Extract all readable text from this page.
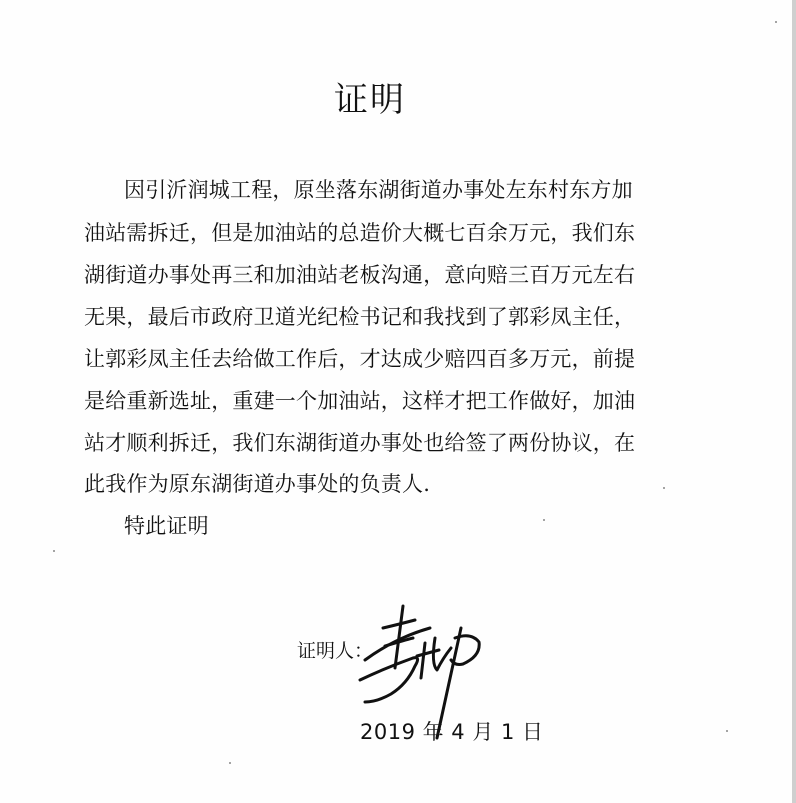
证明
因引沂润城工程，原坐落东湖街道办事处左东村东方加
油站需拆迁，但是加油站的总造价大概七百余万元，我们东
湖街道办事处再三和加油站老板沟通，意向赔三百万元左右
无果，最后市政府卫道光纪检书记和我找到了郭彩凤主任，
让郭彩凤主任去给做工作后，才达成少赔四百多万元，前提
是给重新选址，重建一个加油站，这样才把工作做好，加油
站才顺利拆迁，我们东湖街道办事处也给签了两份协议，在
此我作为原东湖街道办事处的负责人.
特此证明
证明人：
2019 年 4 月 1 日
